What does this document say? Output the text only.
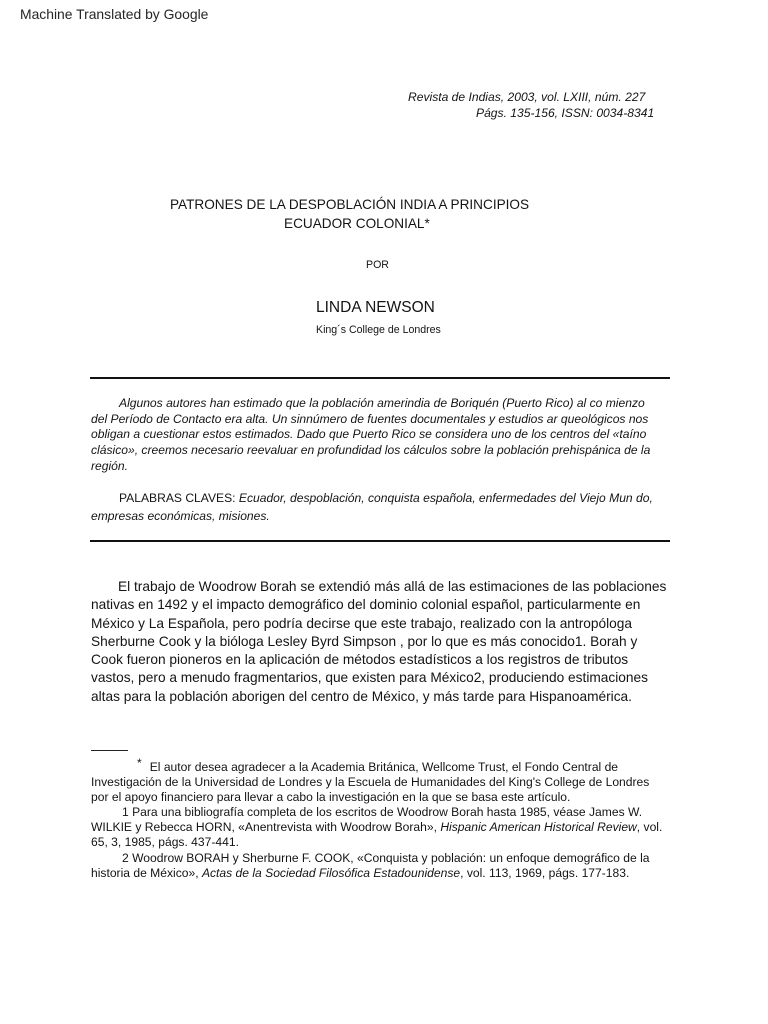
Machine Translated by Google
Revista de Indias, 2003, vol. LXIII, núm. 227
Págs. 135-156, ISSN: 0034-8341
PATRONES DE LA DESPOBLACIÓN INDIA A PRINCIPIOS
ECUADOR COLONIAL*
POR
LINDA NEWSON
King´s College de Londres
Algunos autores han estimado que la población amerindia de Boriquén (Puerto Rico) al co mienzo
del Período de Contacto era alta. Un sinnúmero de fuentes documentales y estudios ar queológicos nos
obligan a cuestionar estos estimados. Dado que Puerto Rico se considera uno de los centros del «taíno
clásico», creemos necesario reevaluar en profundidad los cálculos sobre la población prehispánica de la
región.
PALABRAS CLAVES: Ecuador, despoblación, conquista española, enfermedades del Viejo Mun do,
empresas económicas, misiones.
El trabajo de Woodrow Borah se extendió más allá de las estimaciones de las poblaciones
nativas en 1492 y el impacto demográfico del dominio colonial español, particularmente en
México y La Española, pero podría decirse que este trabajo, realizado con la antropóloga
Sherburne Cook y la bióloga Lesley Byrd Simpson , por lo que es más conocido1. Borah y
Cook fueron pioneros en la aplicación de métodos estadísticos a los registros de tributos
vastos, pero a menudo fragmentarios, que existen para México2, produciendo estimaciones
altas para la población aborigen del centro de México, y más tarde para Hispanoamérica.
* El autor desea agradecer a la Academia Británica, Wellcome Trust, el Fondo Central de
Investigación de la Universidad de Londres y la Escuela de Humanidades del King's College de Londres
por el apoyo financiero para llevar a cabo la investigación en la que se basa este artículo.
1 Para una bibliografía completa de los escritos de Woodrow Borah hasta 1985, véase James W.
WILKIE y Rebecca HORN, «Anentrevista with Woodrow Borah», Hispanic American Historical Review, vol.
65, 3, 1985, págs. 437-441.
2 Woodrow BORAH y Sherburne F. COOK, «Conquista y población: un enfoque demográfico de la
historia de México», Actas de la Sociedad Filosófica Estadounidense, vol. 113, 1969, págs. 177-183.
